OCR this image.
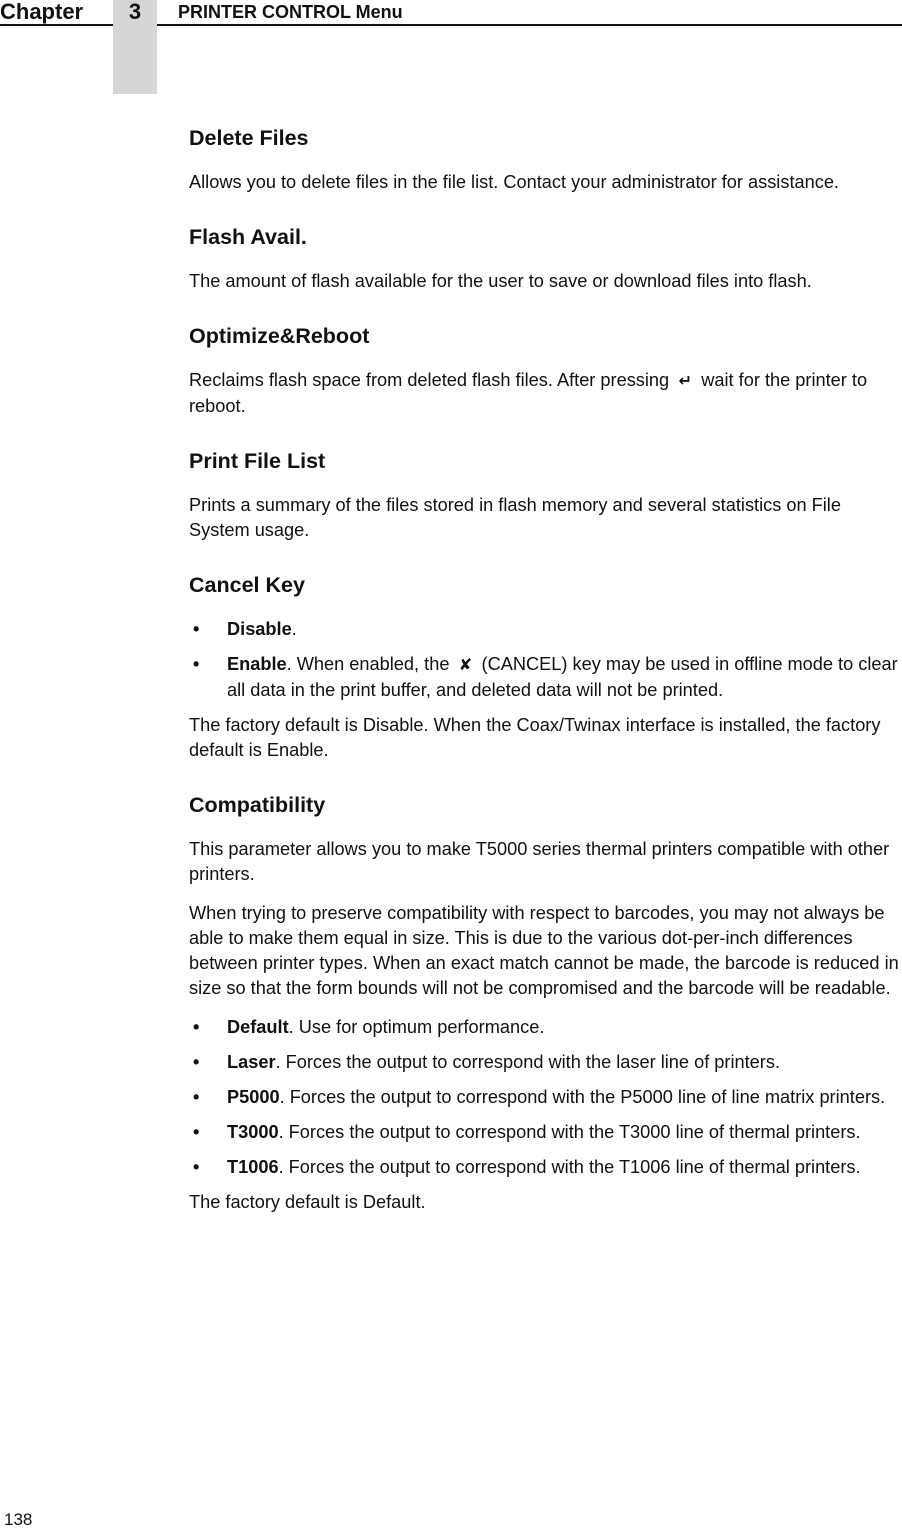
Chapter	3	PRINTER CONTROL Menu
Delete Files

Allows you to delete files in the file list. Contact your administrator for assistance.

Flash Avail.

The amount of flash available for the user to save or download files into flash.

Optimize&Reboot

Reclaims flash space from deleted flash files. After pressing ↵ wait for the printer to reboot.

Print File List

Prints a summary of the files stored in flash memory and several statistics on File System usage.

Cancel Key
• Disable.
• Enable. When enabled, the ✘ (CANCEL) key may be used in offline mode to clear all data in the print buffer, and deleted data will not be printed.

The factory default is Disable. When the Coax/Twinax interface is installed, the factory default is Enable.

Compatibility

This parameter allows you to make T5000 series thermal printers compatible with other printers.

When trying to preserve compatibility with respect to barcodes, you may not always be able to make them equal in size. This is due to the various dot-per-inch differences between printer types. When an exact match cannot be made, the barcode is reduced in size so that the form bounds will not be compromised and the barcode will be readable.

• Default. Use for optimum performance.
• Laser. Forces the output to correspond with the laser line of printers.
• P5000. Forces the output to correspond with the P5000 line of line matrix printers.
• T3000. Forces the output to correspond with the T3000 line of thermal printers.
• T1006. Forces the output to correspond with the T1006 line of thermal printers.

The factory default is Default.

138
